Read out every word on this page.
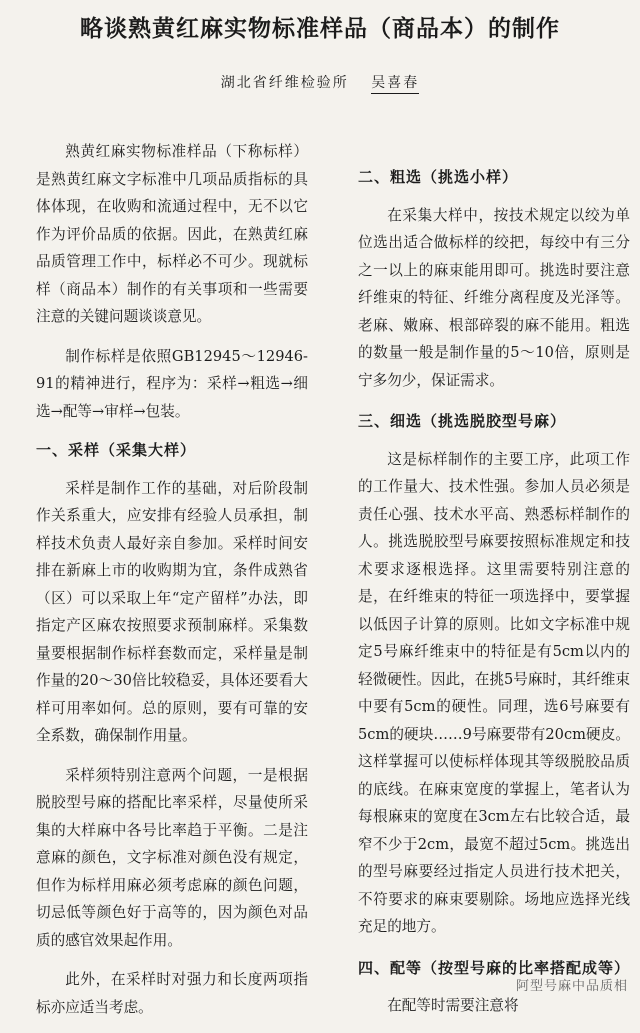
略谈熟黄红麻实物标准样品（商品本）的制作
湖北省纤维检验所 吴喜春

熟黄红麻实物标准样品（下称标样）是熟黄红麻文字标准中几项品质指标的具体体现，在收购和流通过程中，无不以它作为评价品质的依据。因此，在熟黄红麻品质管理工作中，标样必不可少。现就标样（商品本）制作的有关事项和一些需要注意的关键问题谈谈意见。

制作标样是依照GB12945～12946-91的精神进行，程序为：采样→粗选→细选→配等→审样→包装。

一、采样（采集大样）

采样是制作工作的基础，对后阶段制作关系重大，应安排有经验人员承担，制样技术负责人最好亲自参加。采样时间安排在新麻上市的收购期为宜，条件成熟省（区）可以采取上年“定产留样”办法，即指定产区麻农按照要求预制麻样。采集数量要根据制作标样套数而定，采样量是制作量的20～30倍比较稳妥，具体还要看大样可用率如何。总的原则，要有可靠的安全系数，确保制作用量。

采样须特别注意两个问题，一是根据脱胶型号麻的搭配比率采样，尽量使所采集的大样麻中各号比率趋于平衡。二是注意麻的颜色，文字标准对颜色没有规定，但作为标样用麻必须考虑麻的颜色问题，切忌低等颜色好于高等的，因为颜色对品质的感官效果起作用。

此外，在采样时对强力和长度两项指标亦应适当考虑。

二、粗选（挑选小样）

在采集大样中，按技术规定以绞为单位选出适合做标样的绞把，每绞中有三分之一以上的麻束能用即可。挑选时要注意纤维束的特征、纤维分离程度及光泽等。老麻、嫩麻、根部碎裂的麻不能用。粗选的数量一般是制作量的5～10倍，原则是宁多勿少，保证需求。

三、细选（挑选脱胶型号麻）

这是标样制作的主要工序，此项工作的工作量大、技术性强。参加人员必须是责任心强、技术水平高、熟悉标样制作的人。挑选脱胶型号麻要按照标准规定和技术要求逐根选择。这里需要特别注意的是，在纤维束的特征一项选择中，要掌握以低因子计算的原则。比如文字标准中规定5号麻纤维束中的特征是有5cm以内的轻微硬性。因此，在挑5号麻时，其纤维束中要有5cm的硬性。同理，选6号麻要有5cm的硬块……9号麻要带有20cm硬皮。这样掌握可以使标样体现其等级脱胶品质的底线。在麻束宽度的掌握上，笔者认为每根麻束的宽度在3cm左右比较合适，最窄不少于2cm，最宽不超过5cm。挑选出的型号麻要经过指定人员进行技术把关，不符要求的麻束要剔除。场地应选择光线充足的地方。

四、配等（按型号麻的比率搭配成等）

在配等时需要注意将

阿型号麻中品质相
